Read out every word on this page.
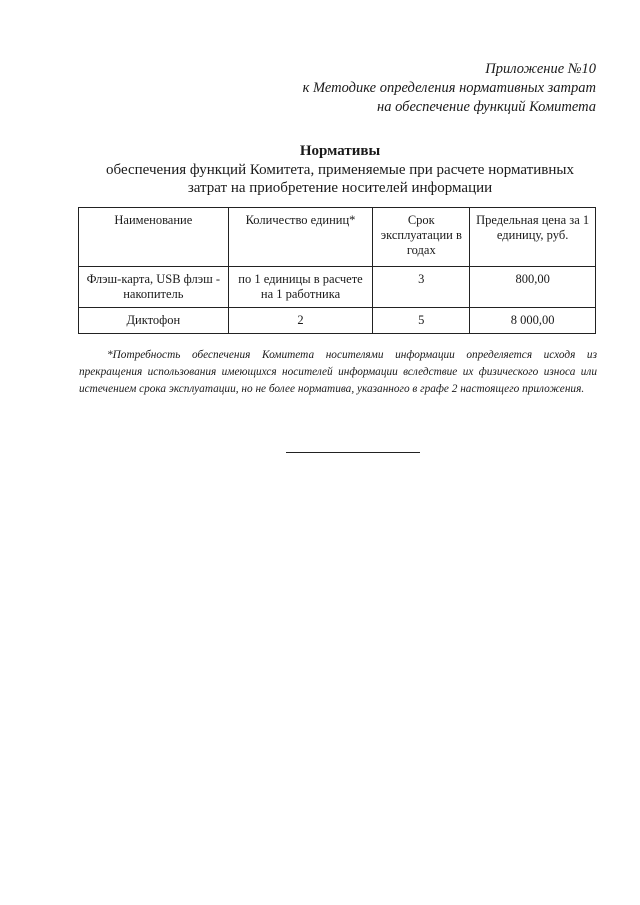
Приложение №10
к Методике определения нормативных затрат
на обеспечение функций Комитета
Нормативы
обеспечения функций Комитета, применяемые при расчете нормативных
затрат на приобретение носителей информации
Наименование	Количество единиц*	Срок эксплуатации в годах	Предельная цена за 1 единицу, руб.
Флэш-карта, USB флэш - накопитель	по 1 единицы в расчете на 1 работника	3	800,00
Диктофон	2	5	8 000,00

*Потребность обеспечения Комитета носителями информации определяется исходя из прекращения использования имеющихся носителей информации вследствие их физического износа или истечением срока эксплуатации, но не более норматива, указанного в графе 2 настоящего приложения.
